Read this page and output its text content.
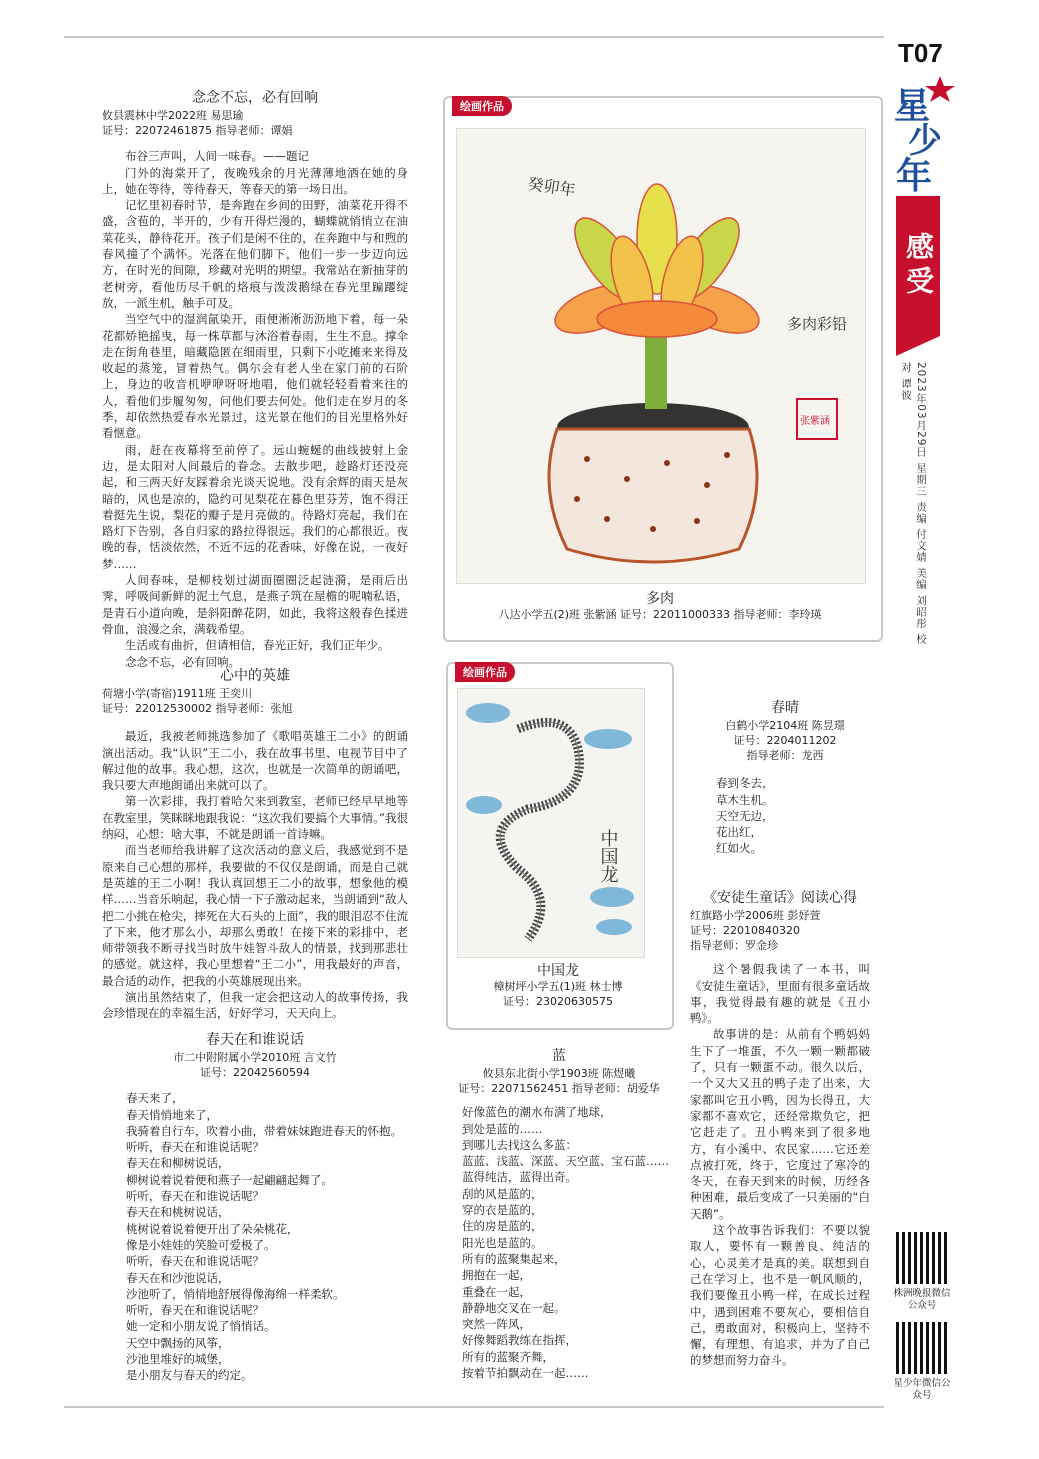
T07
星
少
年
感受
2023年03月29日 星期三 责编 付文婧 美编 刘昭彤 校对 谭彼
念念不忘，必有回响

攸县震林中学2022班 易思瑜

证号：22072461875 指导老师：谭娟

布谷三声叫，人间一味春。——题记

门外的海棠开了，夜晚残余的月光薄薄地洒在她的身上，她在等待，等待春天，等春天的第一场日出。

记忆里初春时节，是奔跑在乡间的田野，油菜花开得不盛，含苞的，半开的，少有开得烂漫的，蝴蝶就悄悄立在油菜花头，静待花开。孩子们是闲不住的，在奔跑中与和煦的春风撞了个满怀。光落在他们脚下，他们一步一步迈向远方，在时光的间隙，珍藏对光明的期望。我常站在新抽芽的老树旁，看他历尽千帆的烙痕与泼泼鹅绿在春光里蹁蹮绽放，一派生机，触手可及。

当空气中的湿润氤染开，雨便淅淅沥沥地下着，每一朵花都娇艳摇曳，每一株草都与沐浴着春雨，生生不息。撑伞走在街角巷里，暗藏隐匿在细雨里，只剩下小吃摊来来得及收起的蒸笼，冒着热气。偶尔会有老人坐在家门前的石阶上，身边的收音机咿咿呀呀地唱，他们就轻轻看着来往的人，看他们步履匆匆，问他们要去何处。他们走在岁月的冬季，却依然热爱春水光景过，这光景在他们的目光里格外好看惬意。

雨，赶在夜幕将至前停了。远山蜿蜒的曲线披射上金边，是太阳对人间最后的眷念。去散步吧，趁路灯还没亮起，和三两天好友踩着余光谈天说地。没有余辉的雨天是灰暗的，风也是凉的，隐约可见梨花在暮色里芬芳，饱不得汪着挺先生说，梨花的瓣子是月亮做的。待路灯亮起，我们在路灯下告别，各自归家的路拉得很远。我们的心都很近。夜晚的春，恬淡依然，不近不远的花香味，好像在说，一夜好梦……

人间春味，是柳枝划过湖面圈圈泛起涟漪，是雨后出霁，呼吸间新鲜的泥土气息，是燕子筑在屋檐的呢喃私语，是青石小道向晚，是斜阳醉花阴，如此，我将这般春色揉进骨血，浪漫之余，满载希望。

生活或有曲折，但请相信，春光正好，我们正年少。

念念不忘，必有回响。

心中的英雄

荷塘小学(寄宿)1911班 王奕川

证号：22012530002 指导老师：张旭

最近，我被老师挑选参加了《歌唱英雄王二小》的朗诵演出活动。我“认识”王二小，我在故事书里、电视节目中了解过他的故事。我心想，这次，也就是一次简单的朗诵吧，我只要大声地朗诵出来就可以了。

第一次彩排，我打着哈欠来到教室，老师已经早早地等在教室里，笑眯眯地跟我说：“这次我们要搞个大事情。”我很纳闷，心想：啥大事，不就是朗诵一首诗嘛。

而当老师给我讲解了这次活动的意义后，我感觉到不是原来自己心想的那样，我要做的不仅仅是朗诵，而是自己就是英雄的王二小啊！我认真回想王二小的故事，想象他的模样……当音乐响起，我心情一下子激动起来，当朗诵到“敌人把二小挑在枪尖，摔死在大石头的上面”，我的眼泪忍不住流了下来，他才那么小，却那么勇敢！在接下来的彩排中，老师带领我不断寻找当时放牛娃智斗敌人的情景，找到那悲壮的感觉。就这样，我心里想着“王二小”，用我最好的声音，最合适的动作，把我的小英雄展现出来。

演出虽然结束了，但我一定会把这动人的故事传扬，我会珍惜现在的幸福生活，好好学习，天天向上。

春天在和谁说话

市二中附附属小学2010班 言文竹

证号：22042560594

春天来了，

春天悄悄地来了，

我骑着自行车，吹着小曲，带着妹妹跑进春天的怀抱。

听听，春天在和谁说话呢？

春天在和柳树说话，

柳树说着说着便和燕子一起翩翩起舞了。

听听，春天在和谁说话呢？

春天在和桃树说话，

桃树说着说着便开出了朵朵桃花，

像是小娃娃的笑脸可爱极了。

听听，春天在和谁说话呢？

春天在和沙池说话，

沙池听了，悄悄地舒展得像海绵一样柔软。

听听，春天在和谁说话呢？

她一定和小朋友说了悄悄话。

天空中飘扬的风筝，

沙池里堆好的城堡，

是小朋友与春天的约定。

绘画作品
癸卯年
多肉彩铅
张紫涵
多肉
八达小学五(2)班 张紫涵 证号：22011000333 指导老师：李玲瑛
绘画作品
中国龙
中国龙
樟树坪小学五(1)班 林士博
证号：23020630575
春晴

白鹤小学2104班 陈昱璟

证号：2204011202

指导老师：龙西

春到冬去，

草木生机。

天空无边，

花出红，

红如火。

《安徒生童话》阅读心得

红旗路小学2006班 彭妤萱

证号：22010840320

指导老师：罗金珍

这个暑假我读了一本书，叫《安徒生童话》，里面有很多童话故事，我觉得最有趣的就是《丑小鸭》。

故事讲的是：从前有个鸭妈妈生下了一堆蛋，不久一颗一颗都破了，只有一颗蛋不动。很久以后，一个又大又丑的鸭子走了出来，大家都叫它丑小鸭，因为长得丑，大家都不喜欢它，还经常欺负它，把它赶走了。丑小鸭来到了很多地方，有小溪中、农民家……它还差点被打死，终于，它度过了寒冷的冬天，在春天到来的时候，历经各种困难，最后变成了一只美丽的“白天鹅”。

这个故事告诉我们：不要以貌取人，要怀有一颗善良、纯洁的心，心灵美才是真的美。联想到自己在学习上，也不是一帆风顺的，我们要像丑小鸭一样，在成长过程中，遇到困难不要灰心，要相信自己，勇敢面对，积极向上，坚持不懈，有理想、有追求，并为了自己的梦想而努力奋斗。

蓝

攸县东北街小学1903班 陈煜曦

证号：22071562451 指导老师：胡爱华

好像蓝色的潮水布满了地球，

到处是蓝的……

到哪儿去找这么多蓝：

蓝蓝、浅蓝、深蓝、天空蓝、宝石蓝……

蓝得纯洁，蓝得出奇。

刮的风是蓝的，

穿的衣是蓝的，

住的房是蓝的，

阳光也是蓝的。

所有的蓝聚集起来，

拥抱在一起，

重叠在一起，

静静地交叉在一起。

突然一阵风，

好像舞蹈教练在指挥，

所有的蓝聚齐舞，

按着节拍飘动在一起……

株洲晚报微信公众号
星少年微信公众号
